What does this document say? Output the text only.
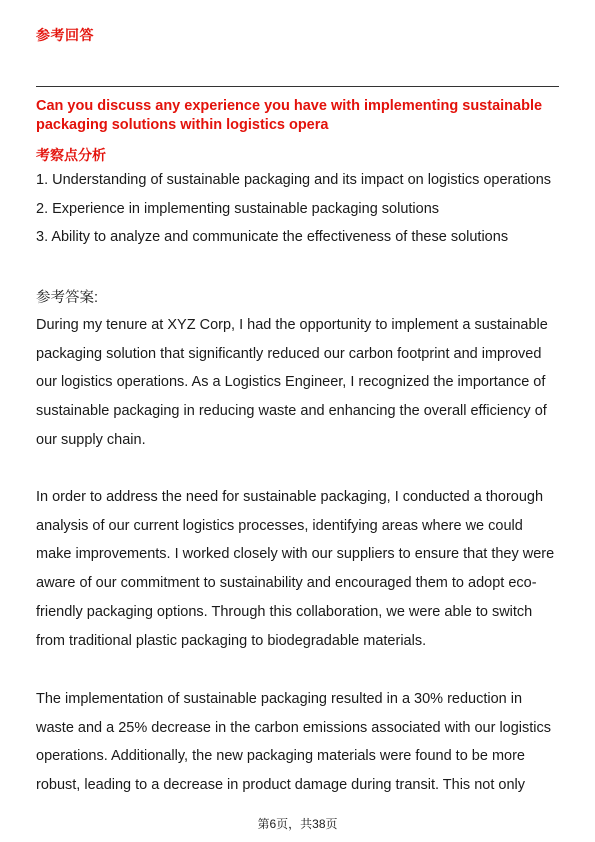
参考回答
Can you discuss any experience you have with implementing sustainable packaging solutions within logistics opera
考察点分析
1. Understanding of sustainable packaging and its impact on logistics operations
2. Experience in implementing sustainable packaging solutions
3. Ability to analyze and communicate the effectiveness of these solutions
参考答案:

During my tenure at XYZ Corp, I had the opportunity to implement a sustainable packaging solution that significantly reduced our carbon footprint and improved our logistics operations. As a Logistics Engineer, I recognized the importance of sustainable packaging in reducing waste and enhancing the overall efficiency of our supply chain.

In order to address the need for sustainable packaging, I conducted a thorough analysis of our current logistics processes, identifying areas where we could make improvements. I worked closely with our suppliers to ensure that they were aware of our commitment to sustainability and encouraged them to adopt eco-friendly packaging options. Through this collaboration, we were able to switch from traditional plastic packaging to biodegradable materials.

The implementation of sustainable packaging resulted in a 30% reduction in waste and a 25% decrease in the carbon emissions associated with our logistics operations. Additionally, the new packaging materials were found to be more robust, leading to a decrease in product damage during transit. This not only

第6页，共38页
